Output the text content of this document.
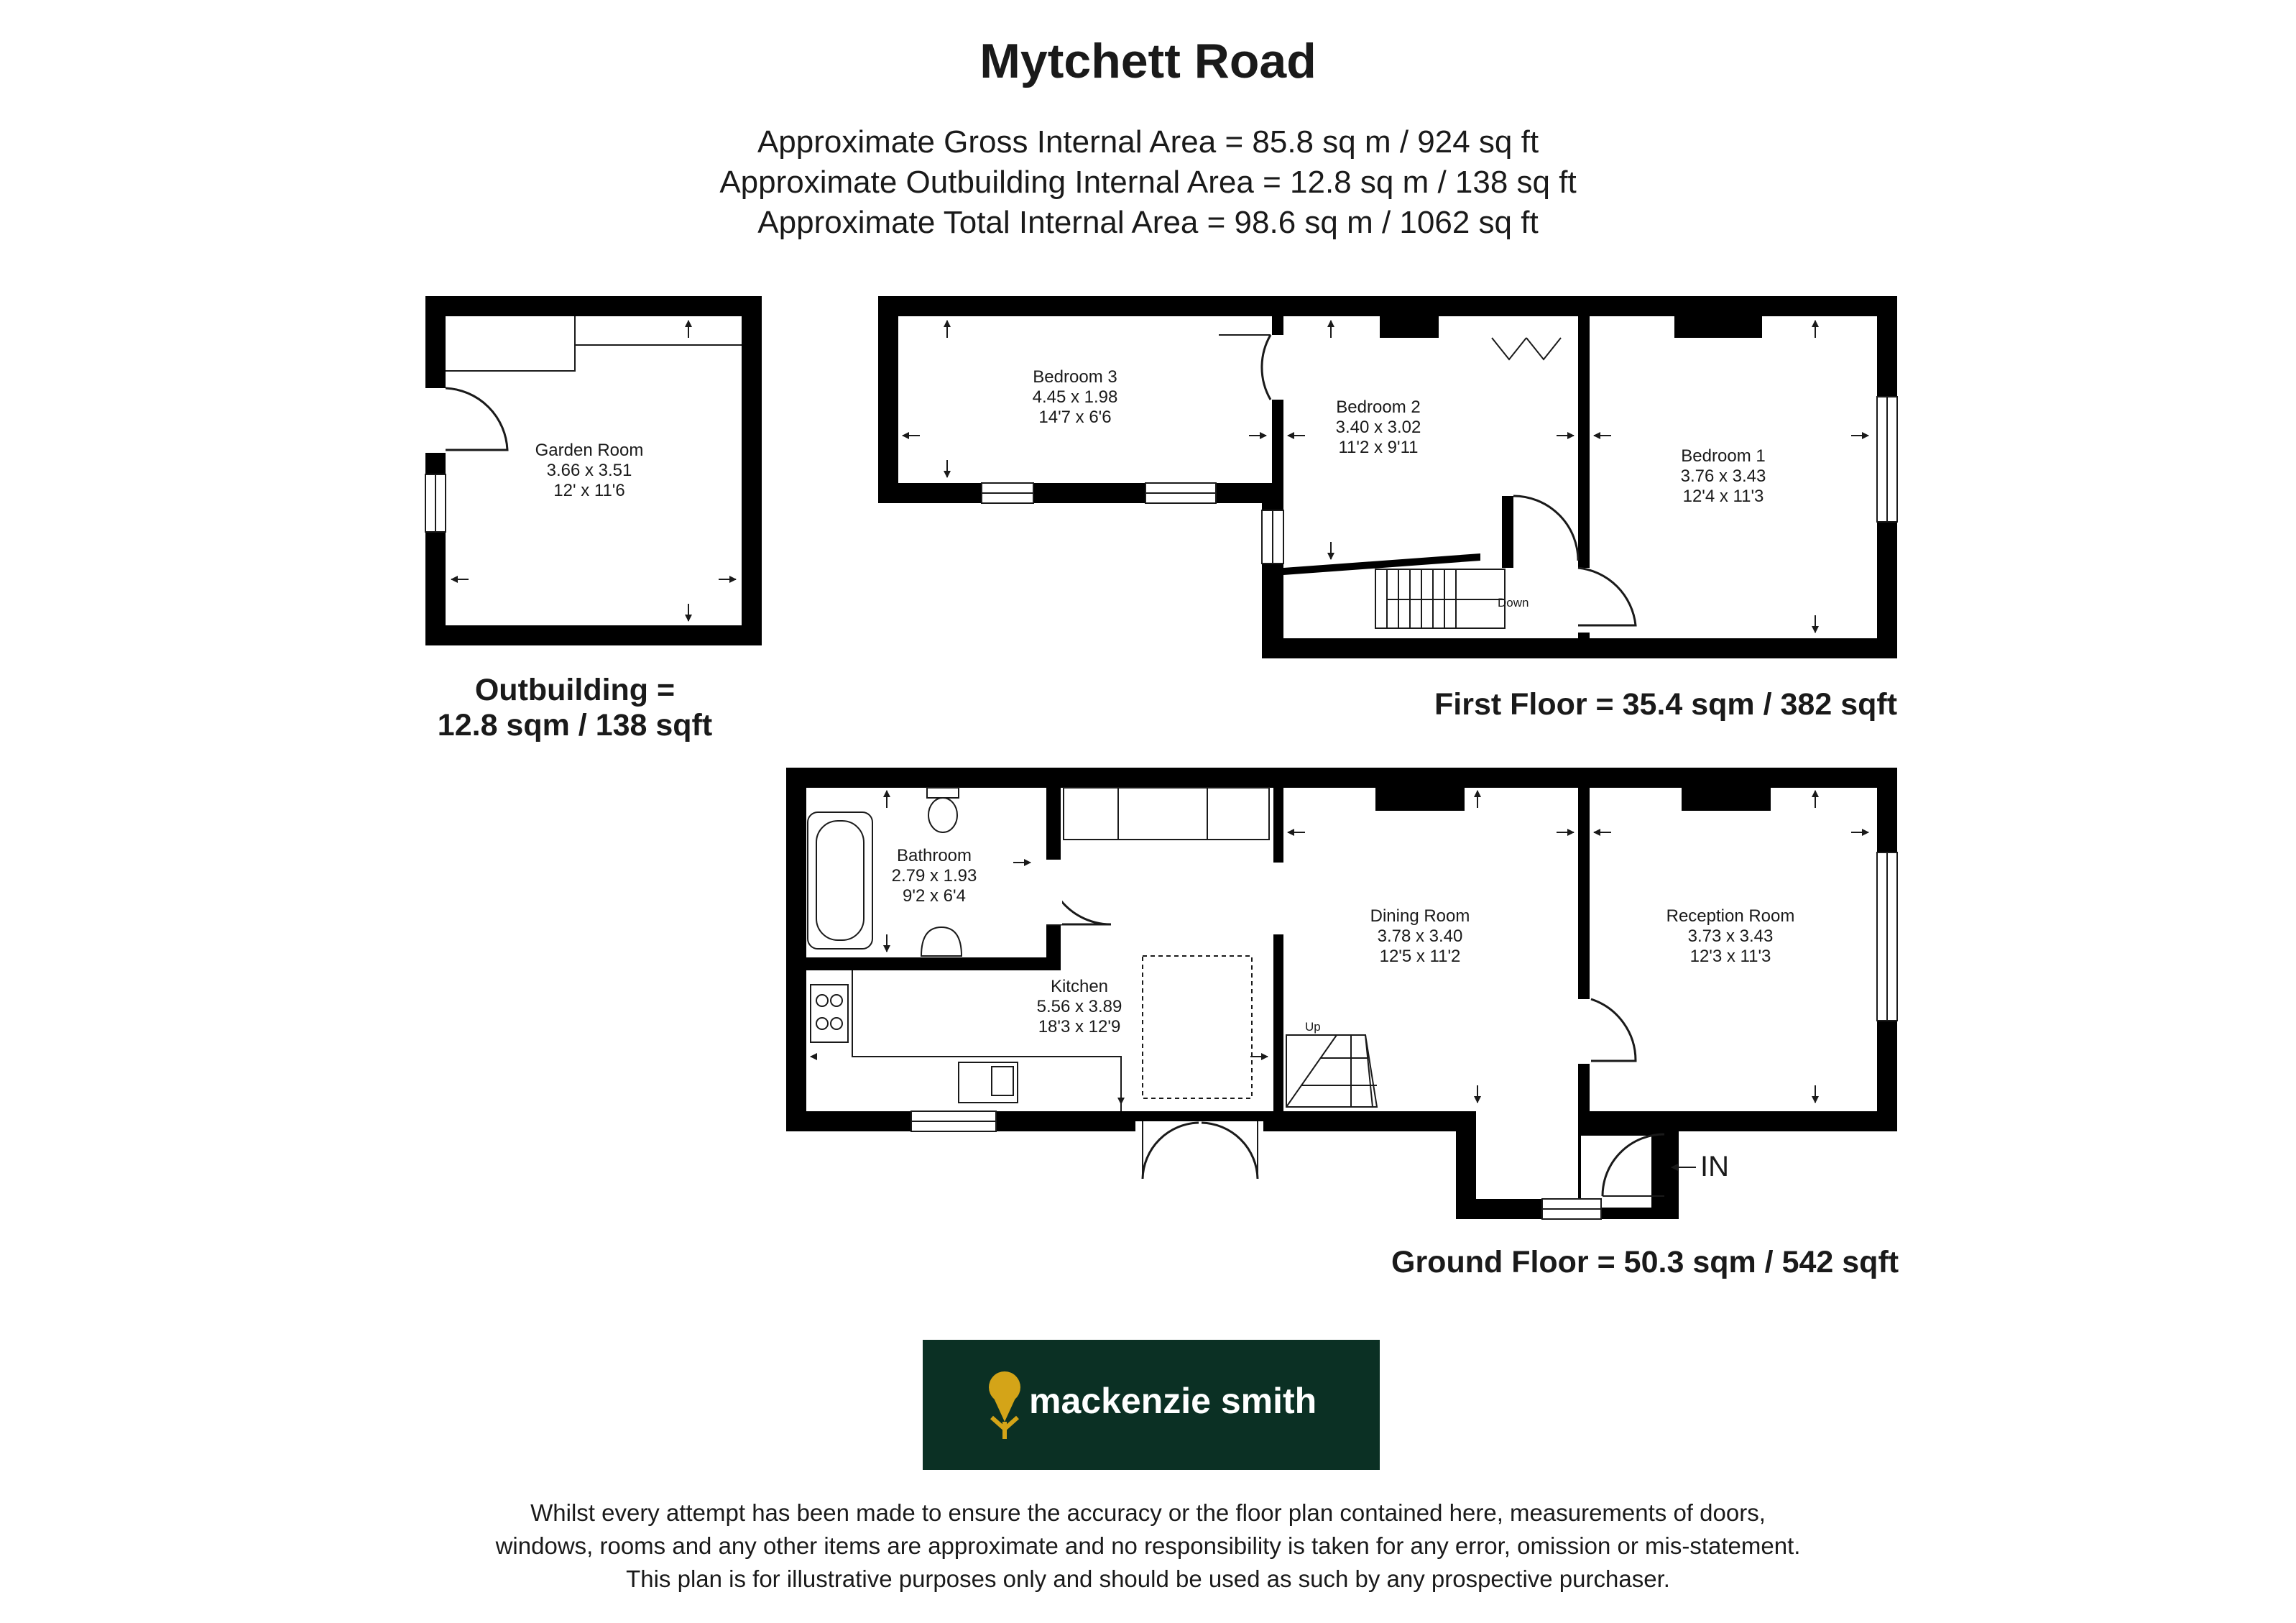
Mytchett Road
Approximate Gross Internal Area = 85.8 sq m / 924 sq ft
Approximate Outbuilding Internal Area = 12.8 sq m / 138 sq ft
Approximate Total Internal Area = 98.6 sq m / 1062 sq ft
Garden Room
3.66 x 3.51
12' x 11'6
Down
Bedroom 3
4.45 x 1.98
14'7 x 6'6
Bedroom 2
3.40 x 3.02
11'2 x 9'11	Bedroom 1
3.76 x 3.43
12'4 x 11'3
IN
Up
Bathroom
2.79 x 1.93
9'2 x 6'4
Kitchen
5.56 x 3.89
18'3 x 12'9
Dining Room
3.78 x 3.40
12'5 x 11'2
Reception Room
3.73 x 3.43
12'3 x 11'3
Outbuilding =
12.8 sqm / 138 sqft
First Floor = 35.4 sqm / 382 sqft
Ground Floor = 50.3 sqm / 542 sqft
mackenzie smith
Whilst every attempt has been made to ensure the accuracy or the floor plan contained here, measurements of doors,
windows, rooms and any other items are approximate and no responsibility is taken for any error, omission or mis-statement.
This plan is for illustrative purposes only and should be used as such by any prospective purchaser.
